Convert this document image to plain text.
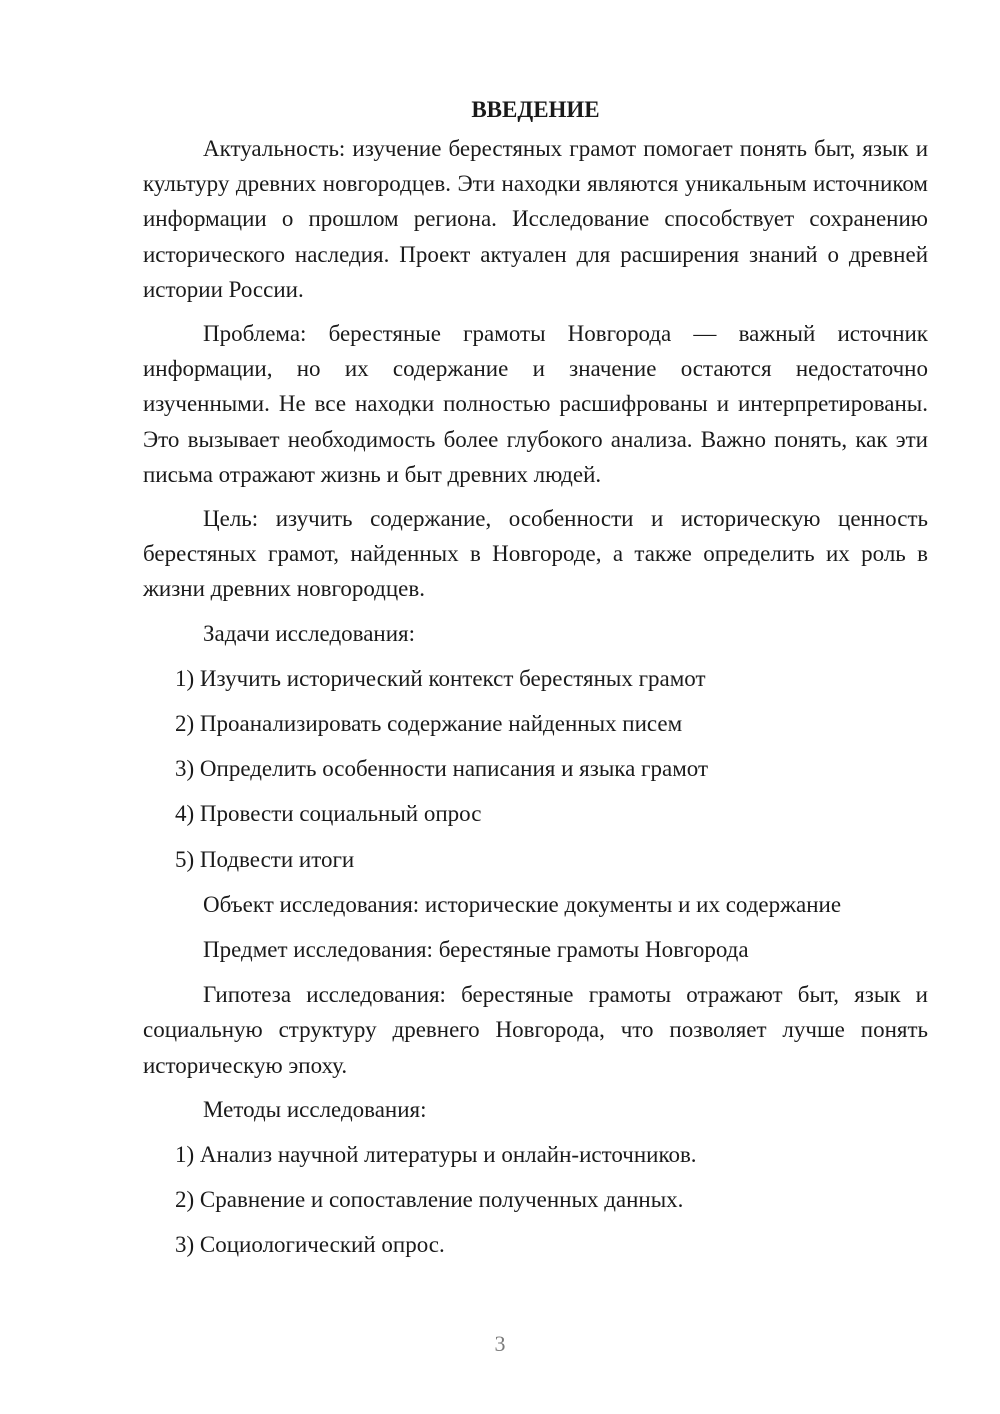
ВВЕДЕНИЕ

Актуальность: изучение берестяных грамот помогает понять быт, язык и культуру древних новгородцев. Эти находки являются уникальным источником информации о прошлом региона. Исследование способствует сохранению исторического наследия. Проект актуален для расширения знаний о древней истории России.

Проблема: берестяные грамоты Новгорода — важный источник информации, но их содержание и значение остаются недостаточно изученными. Не все находки полностью расшифрованы и интерпретированы. Это вызывает необходимость более глубокого анализа. Важно понять, как эти письма отражают жизнь и быт древних людей.

Цель: изучить содержание, особенности и историческую ценность берестяных грамот, найденных в Новгороде, а также определить их роль в жизни древних новгородцев.

Задачи исследования:
1) Изучить исторический контекст берестяных грамот
2) Проанализировать содержание найденных писем
3) Определить особенности написания и языка грамот
4) Провести социальный опрос
5) Подвести итоги
Объект исследования: исторические документы и их содержание
Предмет исследования: берестяные грамоты Новгорода

Гипотеза исследования: берестяные грамоты отражают быт, язык и социальную структуру древнего Новгорода, что позволяет лучше понять историческую эпоху.

Методы исследования:
1) Анализ научной литературы и онлайн-источников.
2) Сравнение и сопоставление полученных данных.
3) Социологический опрос.
3
